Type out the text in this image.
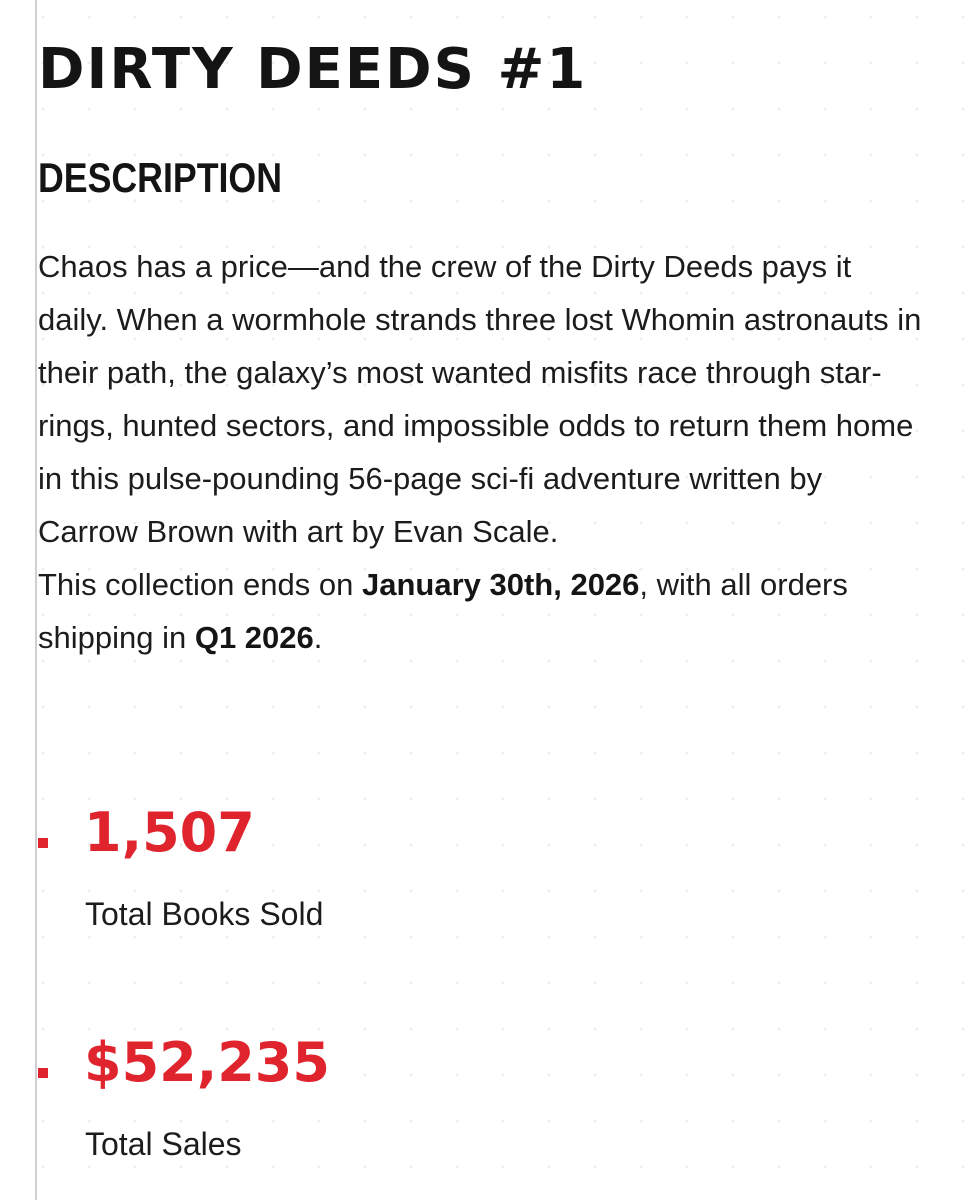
DIRTY DEEDS #1
DESCRIPTION

Chaos has a price—and the crew of the Dirty Deeds pays it daily. When a wormhole strands three lost Whomin astronauts in their path, the galaxy’s most wanted misfits race through star-rings, hunted sectors, and impossible odds to return them home in this pulse-pounding 56-page sci-fi adventure written by Carrow Brown with art by Evan Scale.

This collection ends on January 30th, 2026, with all orders shipping in Q1 2026.

1,507
Total Books Sold
$52,235
Total Sales
